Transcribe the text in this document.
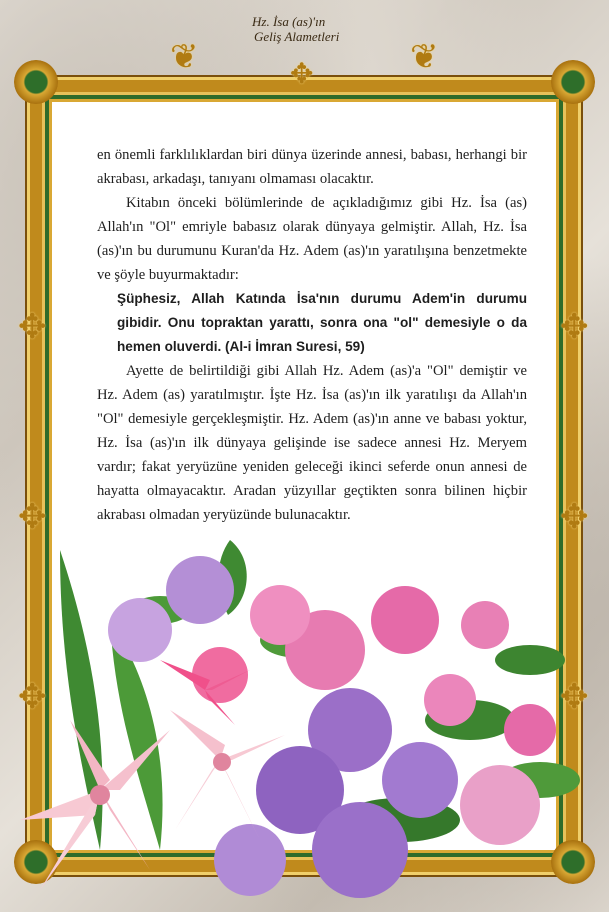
❦	❦
✥
✥	✥
✥	✥
✥	✥
Hz. İsa (as)'ın
Geliş Alametleri

en önemli farklılıklardan biri dünya üzerinde annesi, babası, herhangi bir akrabası, arkadaşı, tanıyanı olmaması olacaktır.

Kitabın önceki bölümlerinde de açıkladığımız gibi Hz. İsa (as) Allah'ın "Ol" emriyle babasız olarak dünyaya gelmiştir. Allah, Hz. İsa (as)'ın bu durumunu Kuran'da Hz. Adem (as)'ın yaratılışına benzetmekte ve şöyle buyurmaktadır:

Şüphesiz, Allah Katında İsa'nın durumu Adem'in durumu gibidir. Onu topraktan yarattı, sonra ona "ol" demesiyle o da hemen oluverdi. (Al-i İmran Suresi, 59)

Ayette de belirtildiği gibi Allah Hz. Adem (as)'a "Ol" demiştir ve Hz. Adem (as) yaratılmıştır. İşte Hz. İsa (as)'ın ilk yaratılışı da Allah'ın "Ol" demesiyle gerçekleşmiştir. Hz. Adem (as)'ın anne ve babası yoktur, Hz. İsa (as)'ın ilk dünyaya gelişinde ise sadece annesi Hz. Meryem vardır; fakat yeryüzüne yeniden geleceği ikinci seferde onun annesi de hayatta olmayacaktır. Aradan yüzyıllar geçtikten sonra bilinen hiçbir akrabası olmadan yeryüzünde bulunacaktır.
